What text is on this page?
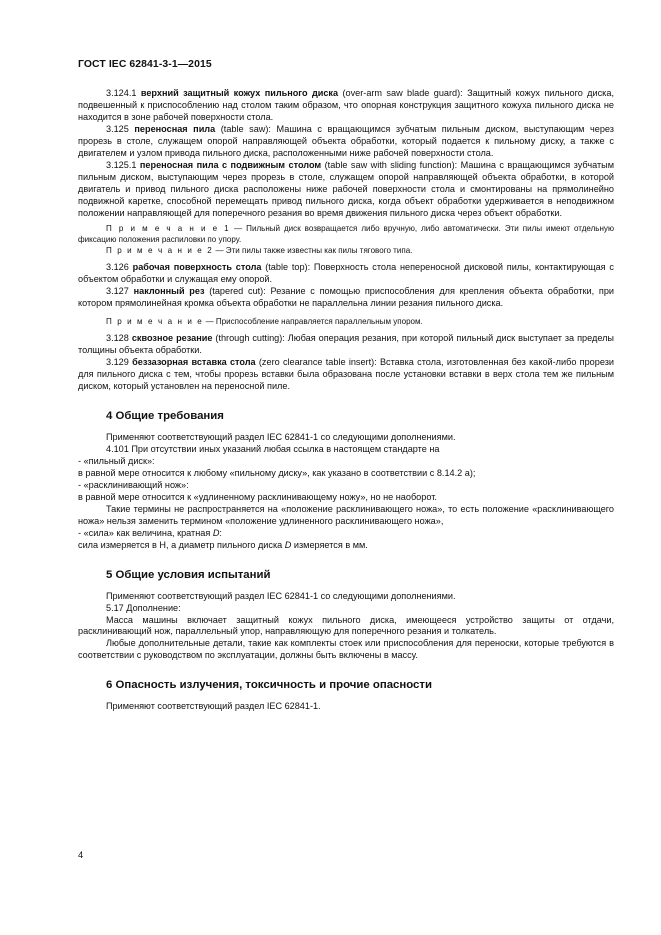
ГОСТ IEC 62841-3-1—2015

3.124.1 верхний защитный кожух пильного диска (over-arm saw blade guard): Защитный кожух пильного диска, подвешенный к приспособлению над столом таким образом, что опорная конструкция защитного кожуха пильного диска не находится в зоне рабочей поверхности стола.

3.125 переносная пила (table saw): Машина с вращающимся зубчатым пильным диском, выступающим через прорезь в столе, служащем опорой направляющей объекта обработки, который подается к пильному диску, а также с двигателем и узлом привода пильного диска, расположенными ниже рабочей поверхности стола.

3.125.1 переносная пила с подвижным столом (table saw with sliding function): Машина с вращающимся зубчатым пильным диском, выступающим через прорезь в столе, служащем опорой направляющей объекта обработки, в которой двигатель и привод пильного диска расположены ниже рабочей поверхности стола и смонтированы на прямолинейно подвижной каретке, способной перемещать привод пильного диска, когда объект обработки удерживается в неподвижном положении направляющей для поперечного резания во время движения пильного диска через объект обработки.

П р и м е ч а н и е 1 — Пильный диск возвращается либо вручную, либо автоматически. Эти пилы имеют отдельную фиксацию положения распиловки по упору.

П р и м е ч а н и е 2 — Эти пилы также известны как пилы тягового типа.

3.126 рабочая поверхность стола (table top): Поверхность стола непереносной дисковой пилы, контактирующая с объектом обработки и служащая ему опорой.

3.127 наклонный рез (tapered cut): Резание с помощью приспособления для крепления объекта обработки, при котором прямолинейная кромка объекта обработки не параллельна линии резания пильного диска.

П р и м е ч а н и е — Приспособление направляется параллельным упором.

3.128 сквозное резание (through cutting): Любая операция резания, при которой пильный диск выступает за пределы толщины объекта обработки.

3.129 беззазорная вставка стола (zero clearance table insert): Вставка стола, изготовленная без какой-либо прорези для пильного диска с тем, чтобы прорезь вставки была образована после установки вставки в верх стола тем же пильным диском, который установлен на переносной пиле.

4 Общие требования

Применяют соответствующий раздел IEC 62841-1 со следующими дополнениями.

4.101 При отсутствии иных указаний любая ссылка в настоящем стандарте на

- «пильный диск»:

в равной мере относится к любому «пильному диску», как указано в соответствии с 8.14.2 а);

- «расклинивающий нож»:

в равной мере относится к «удлиненному расклинивающему ножу», но не наоборот.

Такие термины не распространяется на «положение расклинивающего ножа», то есть положение «расклинивающего ножа» нельзя заменить термином «положение удлиненного расклинивающего ножа»,

- «сила» как величина, кратная D:

сила измеряется в Н, а диаметр пильного диска D измеряется в мм.

5 Общие условия испытаний

Применяют соответствующий раздел IEC 62841-1 со следующими дополнениями.

5.17 Дополнение:

Масса машины включает защитный кожух пильного диска, имеющееся устройство защиты от отдачи, расклинивающий нож, параллельный упор, направляющую для поперечного резания и толкатель.

Любые дополнительные детали, такие как комплекты стоек или приспособления для переноски, которые требуются в соответствии с руководством по эксплуатации, должны быть включены в массу.

6 Опасность излучения, токсичность и прочие опасности

Применяют соответствующий раздел IEC 62841-1.

4
